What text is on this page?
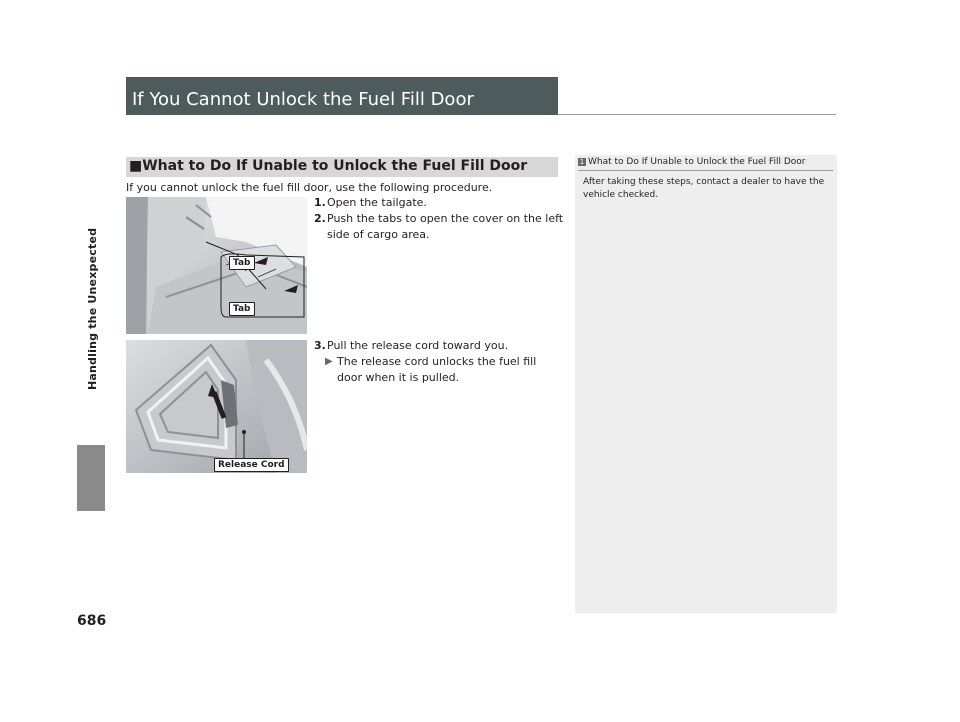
Handling the Unexpected
686
If You Cannot Unlock the Fuel Fill Door
■What to Do If Unable to Unlock the Fuel Fill Door
If you cannot unlock the fuel fill door, use the following procedure.
1. Open the tailgate.
2. Push the tabs to open the cover on the left side of cargo area.
3. Pull the release cord toward you.
▶ The release cord unlocks the fuel fill door when it is pulled.
Tab
Tab
Release Cord
1 What to Do If Unable to Unlock the Fuel Fill Door
After taking these steps, contact a dealer to have the vehicle checked.
